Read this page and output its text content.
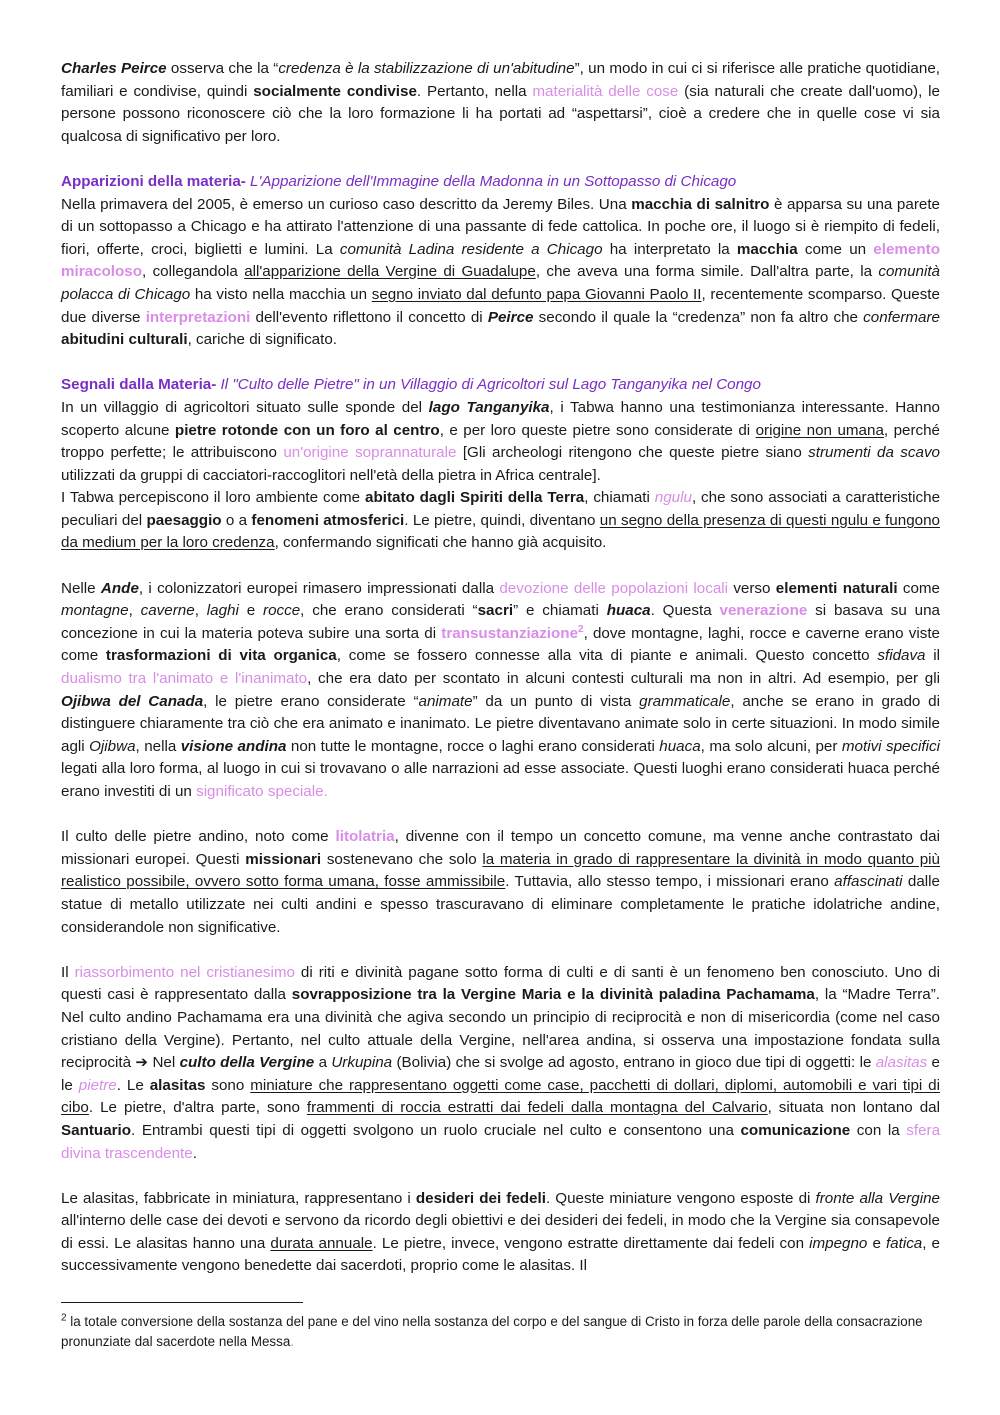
Charles Peirce osserva che la “credenza è la stabilizzazione di un'abitudine”, un modo in cui ci si riferisce alle pratiche quotidiane, familiari e condivise, quindi socialmente condivise. Pertanto, nella materialità delle cose (sia naturali che create dall'uomo), le persone possono riconoscere ciò che la loro formazione li ha portati ad “aspettarsi”, cioè a credere che in quelle cose vi sia qualcosa di significativo per loro.

Apparizioni della materia- L'Apparizione dell'Immagine della Madonna in un Sottopasso di Chicago

Nella primavera del 2005, è emerso un curioso caso descritto da Jeremy Biles. Una macchia di salnitro è apparsa su una parete di un sottopasso a Chicago e ha attirato l'attenzione di una passante di fede cattolica. In poche ore, il luogo si è riempito di fedeli, fiori, offerte, croci, biglietti e lumini. La comunità Ladina residente a Chicago ha interpretato la macchia come un elemento miracoloso, collegandola all'apparizione della Vergine di Guadalupe, che aveva una forma simile. Dall'altra parte, la comunità polacca di Chicago ha visto nella macchia un segno inviato dal defunto papa Giovanni Paolo II, recentemente scomparso. Queste due diverse interpretazioni dell'evento riflettono il concetto di Peirce secondo il quale la “credenza” non fa altro che confermare abitudini culturali, cariche di significato.

Segnali dalla Materia- Il "Culto delle Pietre" in un Villaggio di Agricoltori sul Lago Tanganyika nel Congo

In un villaggio di agricoltori situato sulle sponde del lago Tanganyika, i Tabwa hanno una testimonianza interessante. Hanno scoperto alcune pietre rotonde con un foro al centro, e per loro queste pietre sono considerate di origine non umana, perché troppo perfette; le attribuiscono un'origine soprannaturale [Gli archeologi ritengono che queste pietre siano strumenti da scavo utilizzati da gruppi di cacciatori-raccoglitori nell'età della pietra in Africa centrale].

I Tabwa percepiscono il loro ambiente come abitato dagli Spiriti della Terra, chiamati ngulu, che sono associati a caratteristiche peculiari del paesaggio o a fenomeni atmosferici. Le pietre, quindi, diventano un segno della presenza di questi ngulu e fungono da medium per la loro credenza, confermando significati che hanno già acquisito.

Nelle Ande, i colonizzatori europei rimasero impressionati dalla devozione delle popolazioni locali verso elementi naturali come montagne, caverne, laghi e rocce, che erano considerati “sacri” e chiamati huaca. Questa venerazione si basava su una concezione in cui la materia poteva subire una sorta di transustanziazione$^2$, dove montagne, laghi, rocce e caverne erano viste come trasformazioni di vita organica, come se fossero connesse alla vita di piante e animali. Questo concetto sfidava il dualismo tra l'animato e l'inanimato, che era dato per scontato in alcuni contesti culturali ma non in altri. Ad esempio, per gli Ojibwa del Canada, le pietre erano considerate “animate” da un punto di vista grammaticale, anche se erano in grado di distinguere chiaramente tra ciò che era animato e inanimato. Le pietre diventavano animate solo in certe situazioni. In modo simile agli Ojibwa, nella visione andina non tutte le montagne, rocce o laghi erano considerati huaca, ma solo alcuni, per motivi specifici legati alla loro forma, al luogo in cui si trovavano o alle narrazioni ad esse associate. Questi luoghi erano considerati huaca perché erano investiti di un significato speciale.

Il culto delle pietre andino, noto come litolatria, divenne con il tempo un concetto comune, ma venne anche contrastato dai missionari europei. Questi missionari sostenevano che solo la materia in grado di rappresentare la divinità in modo quanto più realistico possibile, ovvero sotto forma umana, fosse ammissibile. Tuttavia, allo stesso tempo, i missionari erano affascinati dalle statue di metallo utilizzate nei culti andini e spesso trascuravano di eliminare completamente le pratiche idolatriche andine, considerandole non significative.

Il riassorbimento nel cristianesimo di riti e divinità pagane sotto forma di culti e di santi è un fenomeno ben conosciuto. Uno di questi casi è rappresentato dalla sovrapposizione tra la Vergine Maria e la divinità paladina Pachamama, la “Madre Terra”. Nel culto andino Pachamama era una divinità che agiva secondo un principio di reciprocità e non di misericordia (come nel caso cristiano della Vergine). Pertanto, nel culto attuale della Vergine, nell'area andina, si osserva una impostazione fondata sulla reciprocità ➔ Nel culto della Vergine a Urkupina (Bolivia) che si svolge ad agosto, entrano in gioco due tipi di oggetti: le alasitas e le pietre. Le alasitas sono miniature che rappresentano oggetti come case, pacchetti di dollari, diplomi, automobili e vari tipi di cibo. Le pietre, d'altra parte, sono frammenti di roccia estratti dai fedeli dalla montagna del Calvario, situata non lontano dal Santuario. Entrambi questi tipi di oggetti svolgono un ruolo cruciale nel culto e consentono una comunicazione con la sfera divina trascendente.

Le alasitas, fabbricate in miniatura, rappresentano i desideri dei fedeli. Queste miniature vengono esposte di fronte alla Vergine all'interno delle case dei devoti e servono da ricordo degli obiettivi e dei desideri dei fedeli, in modo che la Vergine sia consapevole di essi. Le alasitas hanno una durata annuale. Le pietre, invece, vengono estratte direttamente dai fedeli con impegno e fatica, e successivamente vengono benedette dai sacerdoti, proprio come le alasitas. Il

$^2$ la totale conversione della sostanza del pane e del vino nella sostanza del corpo e del sangue di Cristo in forza delle parole della consacrazione pronunziate dal sacerdote nella Messa.
